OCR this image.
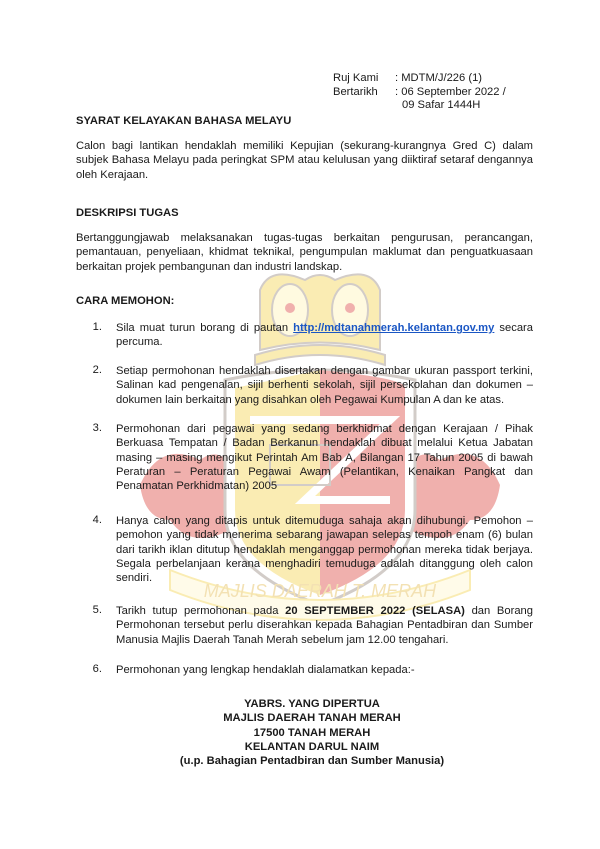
MAJLIS DAERAH T. MERAH
Ruj Kami	: MDTM/J/226 (1)
Bertarikh	: 06 September 2022 /
09 Safar 1444H

SYARAT KELAYAKAN BAHASA MELAYU

Calon bagi lantikan hendaklah memiliki Kepujian (sekurang-kurangnya Gred C) dalam subjek Bahasa Melayu pada peringkat SPM atau kelulusan yang diiktiraf setaraf dengannya oleh Kerajaan.

DESKRIPSI TUGAS

Bertanggungjawab melaksanakan tugas-tugas berkaitan pengurusan, perancangan, pemantauan, penyeliaan, khidmat teknikal, pengumpulan maklumat dan penguatkuasaan berkaitan projek pembangunan dan industri landskap.

CARA MEMOHON:

1.	Sila muat turun borang di pautan http://mdtanahmerah.kelantan.gov.my secara percuma.
2.	Setiap permohonan hendaklah disertakan dengan gambar ukuran passport terkini, Salinan kad pengenalan, sijil berhenti sekolah, sijil persekolahan dan dokumen – dokumen lain berkaitan yang disahkan oleh Pegawai Kumpulan A dan ke atas.
3.	Permohonan dari pegawai yang sedang berkhidmat dengan Kerajaan / Pihak Berkuasa Tempatan / Badan Berkanun hendaklah dibuat melalui Ketua Jabatan masing – masing mengikut Perintah Am Bab A, Bilangan 17 Tahun 2005 di bawah Peraturan – Peraturan Pegawai Awam (Pelantikan, Kenaikan Pangkat dan Penamatan Perkhidmatan) 2005
4.	Hanya calon yang ditapis untuk ditemuduga sahaja akan dihubungi. Pemohon – pemohon yang tidak menerima sebarang jawapan selepas tempoh enam (6) bulan dari tarikh iklan ditutup hendaklah menganggap permohonan mereka tidak berjaya. Segala perbelanjaan kerana menghadiri temuduga adalah ditanggung oleh calon sendiri.
5.	Tarikh tutup permohonan pada 20 SEPTEMBER 2022 (SELASA) dan Borang Permohonan tersebut perlu diserahkan kepada Bahagian Pentadbiran dan Sumber Manusia Majlis Daerah Tanah Merah sebelum jam 12.00 tengahari.
6.	Permohonan yang lengkap hendaklah dialamatkan kepada:-
YABRS. YANG DIPERTUA
MAJLIS DAERAH TANAH MERAH
17500 TANAH MERAH
KELANTAN DARUL NAIM
(u.p. Bahagian Pentadbiran dan Sumber Manusia)
